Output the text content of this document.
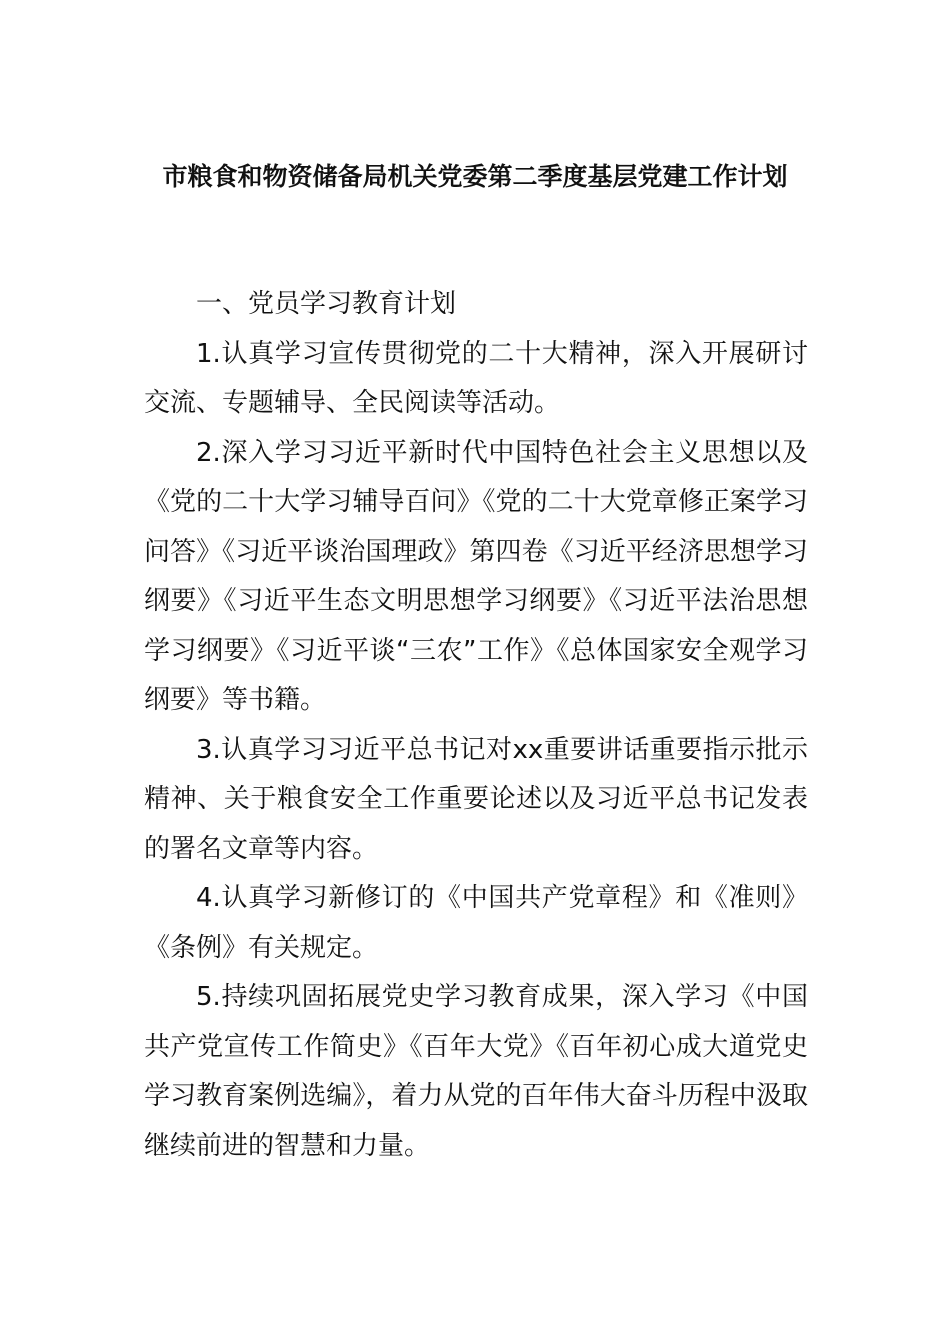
市粮食和物资储备局机关党委第二季度基层党建工作计划

一、党员学习教育计划

1.认真学习宣传贯彻党的二十大精神，深入开展研讨交流、专题辅导、全民阅读等活动。

2.深入学习习近平新时代中国特色社会主义思想以及《党的二十大学习辅导百问》《党的二十大党章修正案学习问答》《习近平谈治国理政》第四卷《习近平经济思想学习纲要》《习近平生态文明思想学习纲要》《习近平法治思想学习纲要》《习近平谈“三农”工作》《总体国家安全观学习纲要》等书籍。

3.认真学习习近平总书记对xx重要讲话重要指示批示精神、关于粮食安全工作重要论述以及习近平总书记发表的署名文章等内容。

4.认真学习新修订的《中国共产党章程》和《准则》《条例》有关规定。

5.持续巩固拓展党史学习教育成果，深入学习《中国共产党宣传工作简史》《百年大党》《百年初心成大道党史学习教育案例选编》，着力从党的百年伟大奋斗历程中汲取继续前进的智慧和力量。
